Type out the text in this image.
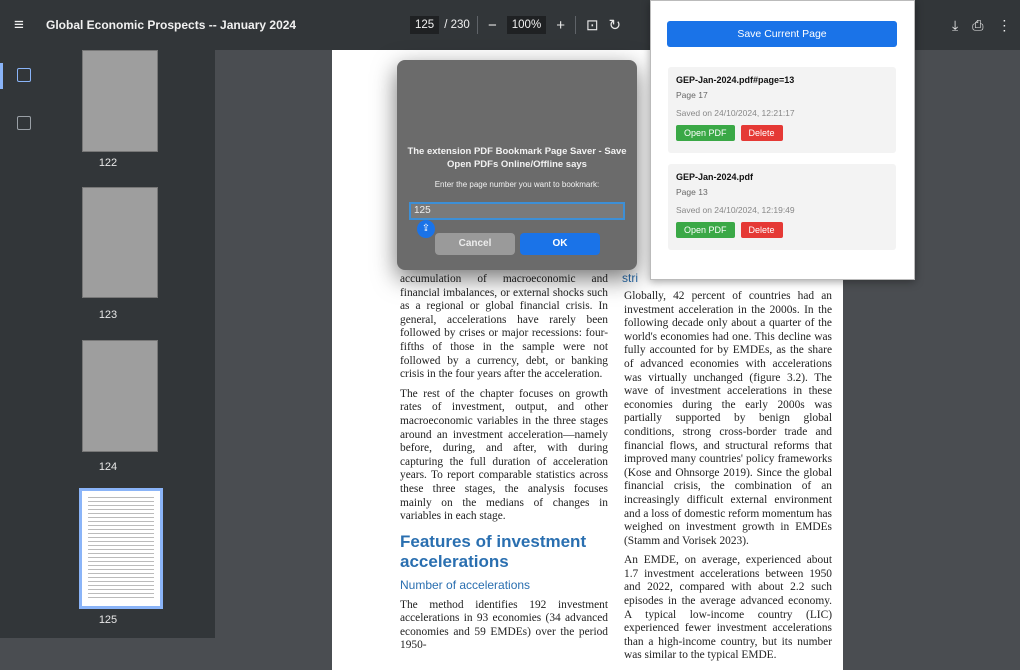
≡ Global Economic Prospects -- January 2024	125 / 230 −	100%	+ ⊡ ↻	⤓ ⎙ ⋮
122
123
124
125

accumulation of macroeconomic and financial imbalances, or external shocks such as a regional or global financial crisis. In general, accelerations have rarely been followed by crises or major recessions: four-fifths of those in the sample were not followed by a currency, debt, or banking crisis in the four years after the acceleration.

The rest of the chapter focuses on growth rates of investment, output, and other macroeconomic variables in the three stages around an investment acceleration—namely before, during, and after, with during capturing the full duration of acceleration years. To report comparable statistics across these three stages, the analysis focuses mainly on the medians of changes in variables in each stage.

Features of investment accelerations
Number of accelerations

The method identifies 192 investment accelerations in 93 economies (34 advanced economies and 59 EMDEs) over the period 1950-

stri

Globally, 42 percent of countries had an investment acceleration in the 2000s. In the following decade only about a quarter of the world's economies had one. This decline was fully accounted for by EMDEs, as the share of advanced economies with accelerations was virtually unchanged (figure 3.2). The wave of investment accelerations in these economies during the early 2000s was partially supported by benign global conditions, strong cross-border trade and financial flows, and structural reforms that improved many countries' policy frameworks (Kose and Ohnsorge 2019). Since the global financial crisis, the combination of an increasingly difficult external environment and a loss of domestic reform momentum has weighed on investment growth in EMDEs (Stamm and Vorisek 2023).

An EMDE, on average, experienced about 1.7 investment accelerations between 1950 and 2022, compared with about 2.2 such episodes in the average advanced economy. A typical low-income country (LIC) experienced fewer investment accelerations than a high-income country, but its number was similar to the typical EMDE.

The extension PDF Bookmark Page Saver - Save Open PDFs Online/Offline says
Enter the page number you want to bookmark:
125
⇪
Cancel	OK
Save Current Page
GEP-Jan-2024.pdf#page=13
Page 17
Saved on 24/10/2024, 12:21:17
Open PDF	Delete
GEP-Jan-2024.pdf
Page 13
Saved on 24/10/2024, 12:19:49
Open PDF	Delete
